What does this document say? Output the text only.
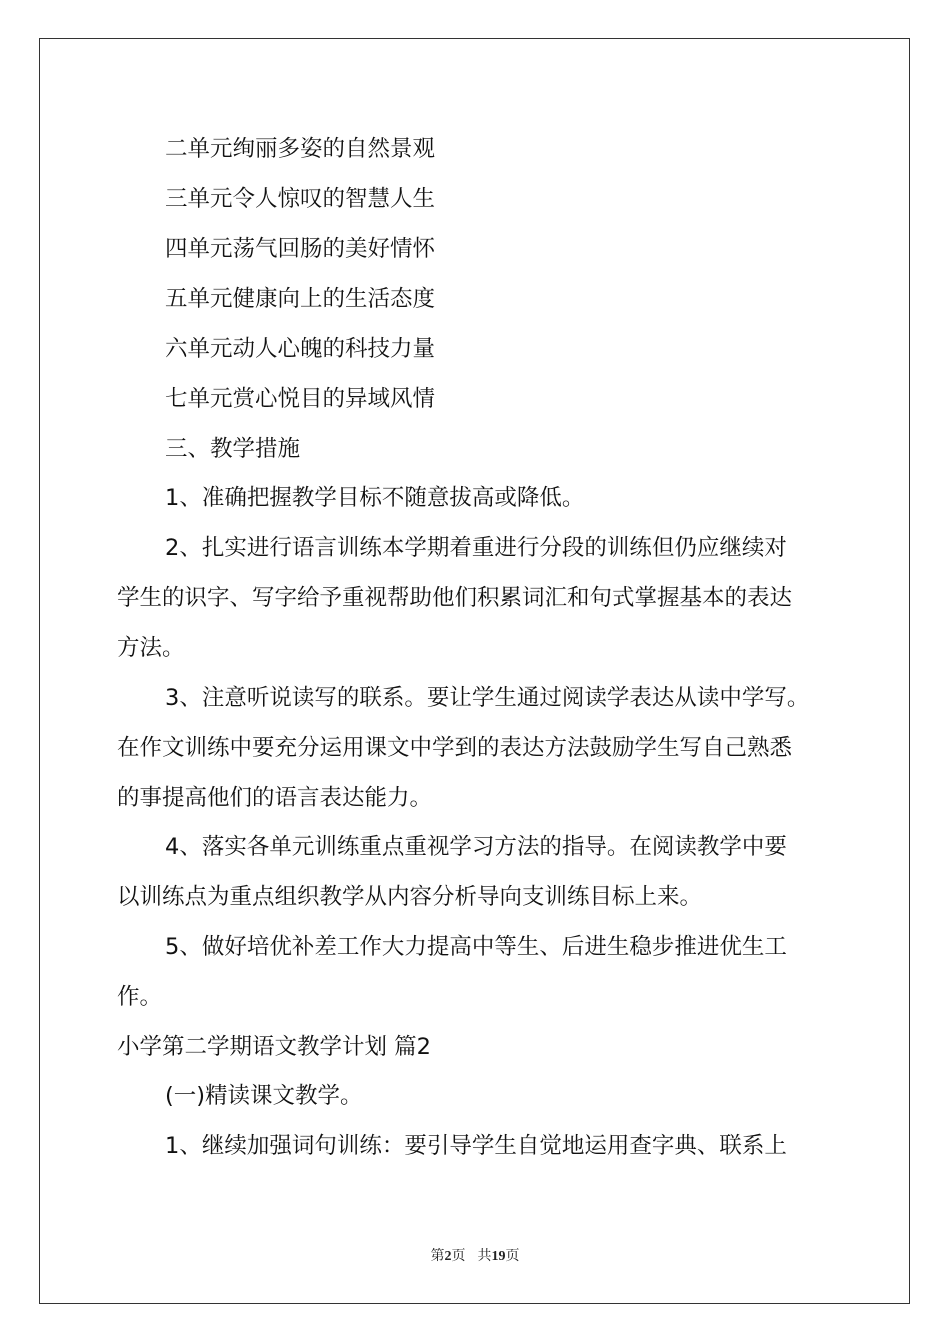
二单元绚丽多姿的自然景观
三单元令人惊叹的智慧人生
四单元荡气回肠的美好情怀
五单元健康向上的生活态度
六单元动人心魄的科技力量
七单元赏心悦目的异域风情
三、教学措施
1、准确把握教学目标不随意拔高或降低。
2、扎实进行语言训练本学期着重进行分段的训练但仍应继续对
学生的识字、写字给予重视帮助他们积累词汇和句式掌握基本的表达
方法。
3、注意听说读写的联系。要让学生通过阅读学表达从读中学写。
在作文训练中要充分运用课文中学到的表达方法鼓励学生写自己熟悉
的事提高他们的语言表达能力。
4、落实各单元训练重点重视学习方法的指导。在阅读教学中要
以训练点为重点组织教学从内容分析导向支训练目标上来。
5、做好培优补差工作大力提高中等生、后进生稳步推进优生工
作。
小学第二学期语文教学计划 篇2
(一)精读课文教学。
1、继续加强词句训练：要引导学生自觉地运用查字典、联系上
第2页 共19页
